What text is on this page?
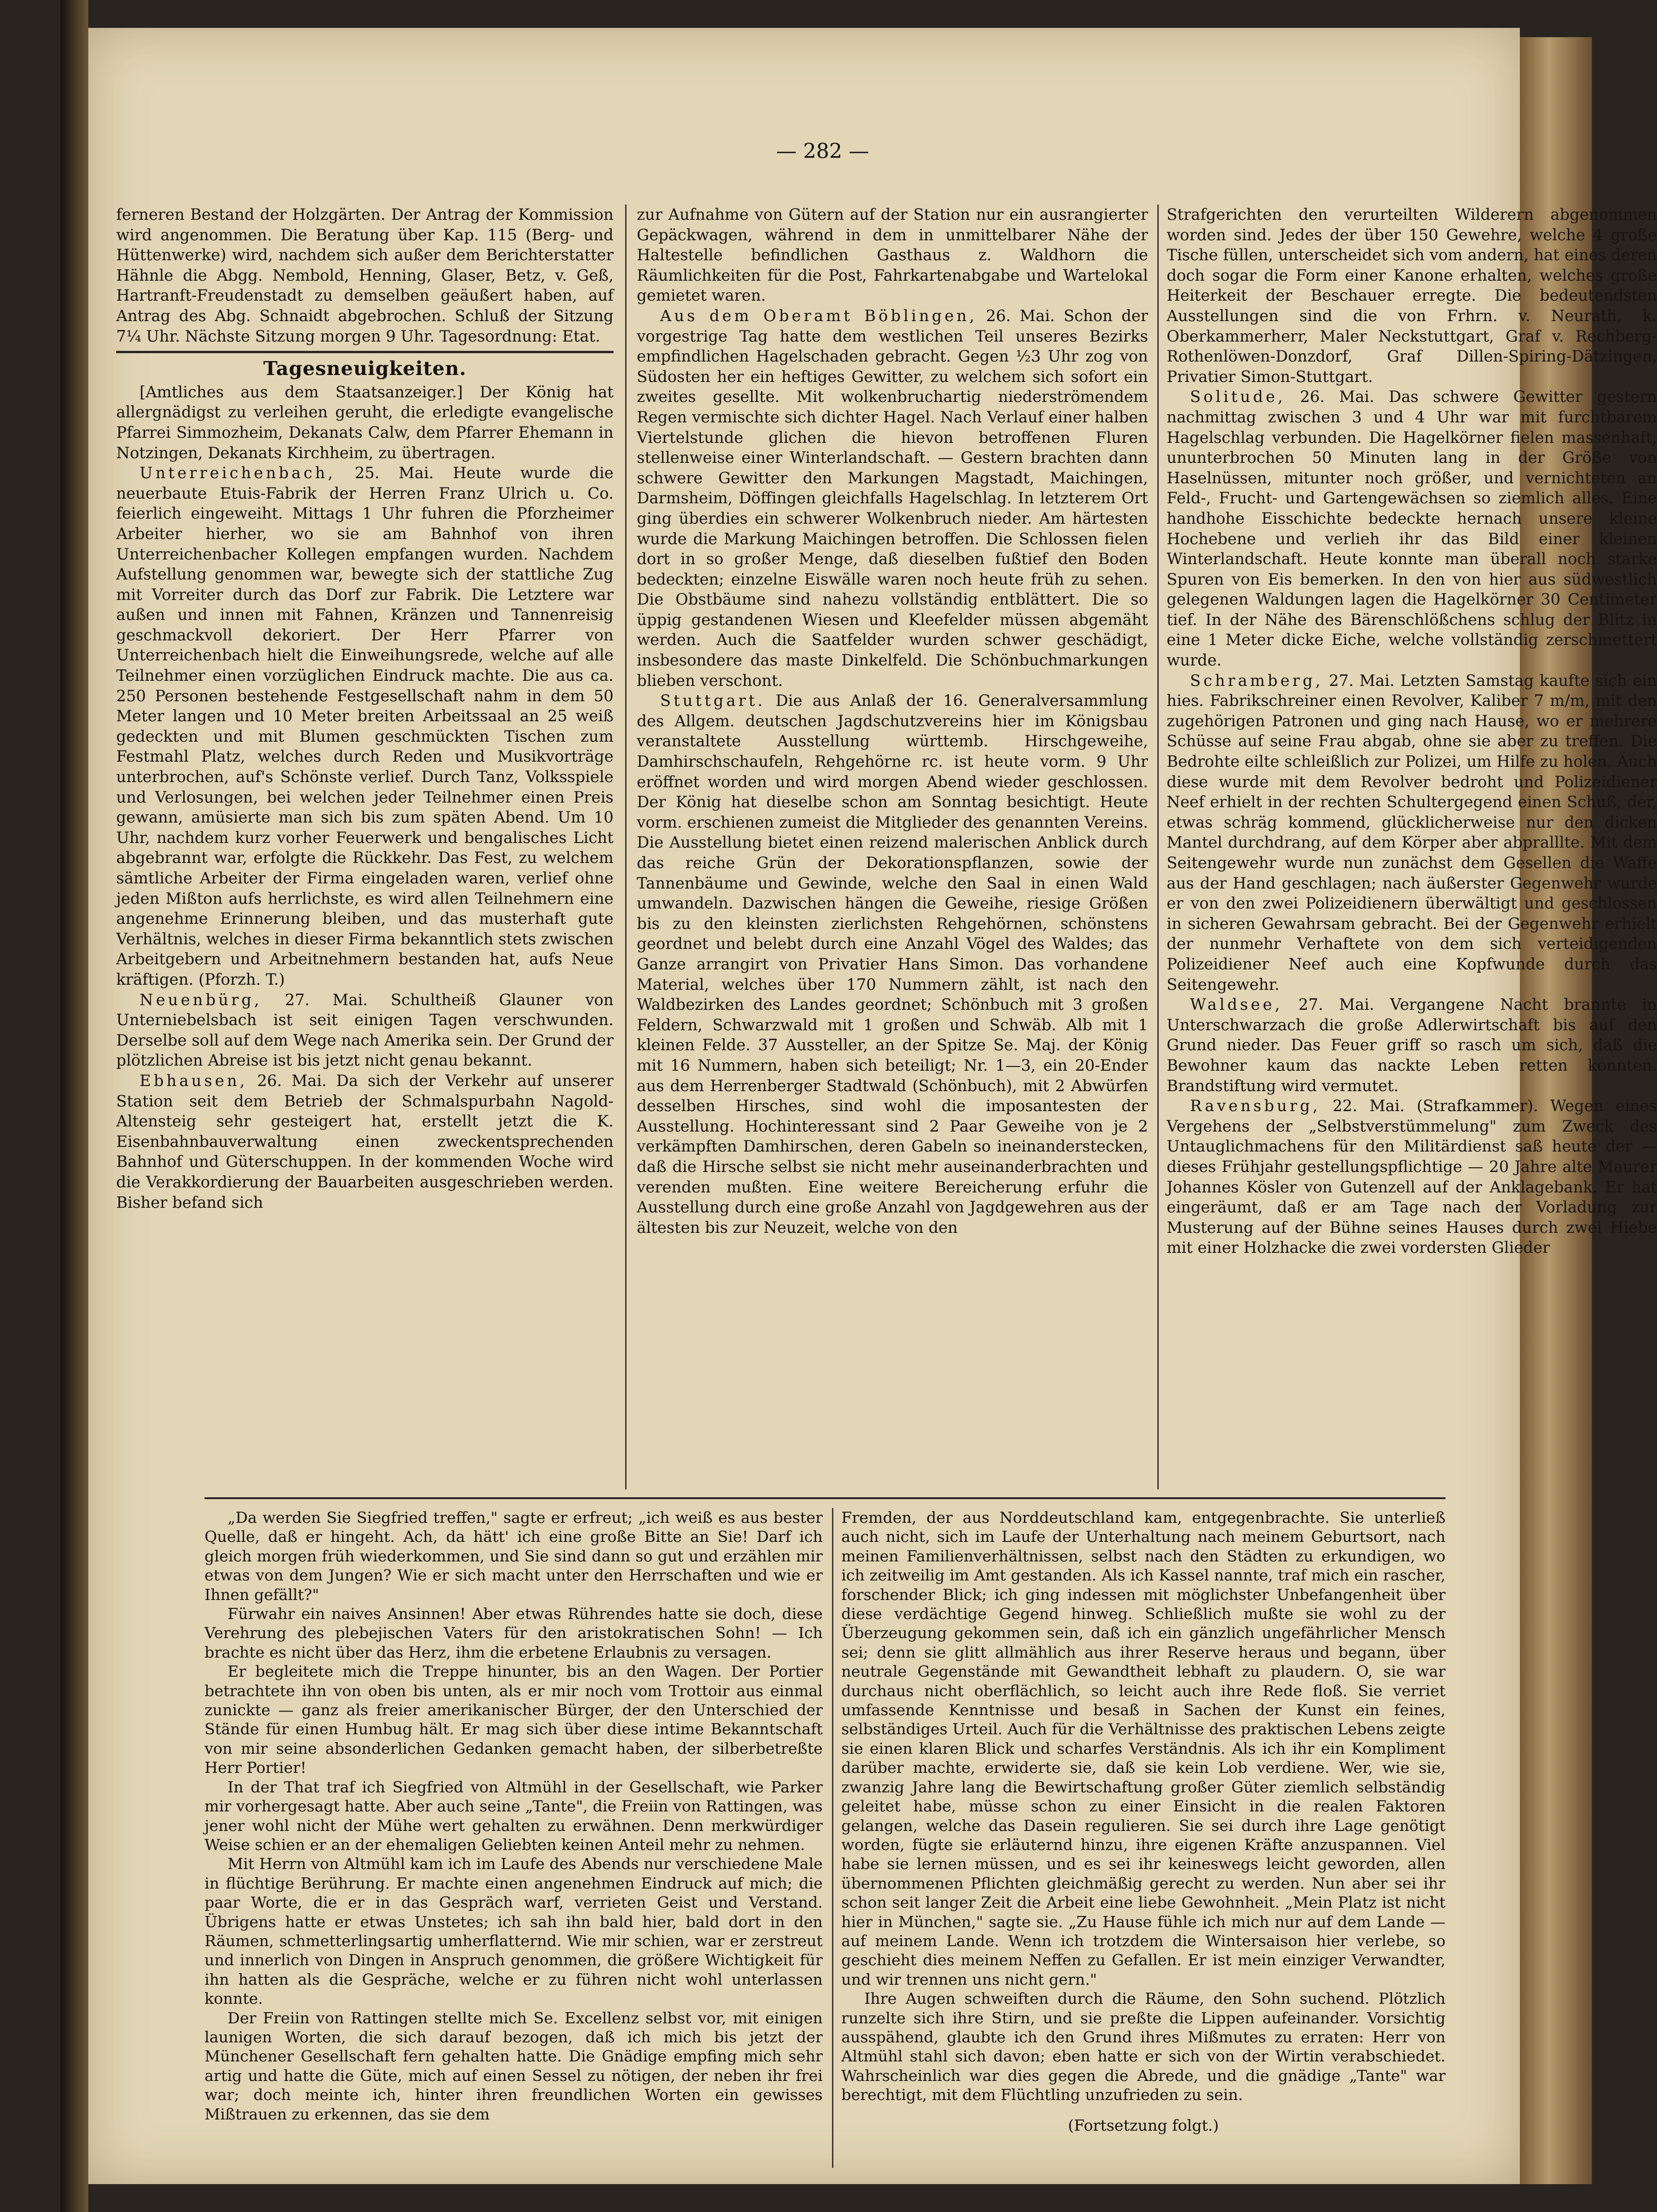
— 282 —

ferneren Bestand der Holzgärten. Der Antrag der Kommission wird angenommen. Die Beratung über Kap. 115 (Berg- und Hüttenwerke) wird, nachdem sich außer dem Berichterstatter Hähnle die Abgg. Nembold, Henning, Glaser, Betz, v. Geß, Hartranft-Freudenstadt zu demselben geäußert haben, auf Antrag des Abg. Schnaidt abgebrochen. Schluß der Sitzung 7¼ Uhr. Nächste Sitzung morgen 9 Uhr. Tagesordnung: Etat.

Tagesneuigkeiten.

[Amtliches aus dem Staatsanzeiger.] Der König hat allergnädigst zu verleihen geruht, die erledigte evangelische Pfarrei Simmozheim, Dekanats Calw, dem Pfarrer Ehemann in Notzingen, Dekanats Kirchheim, zu übertragen.

Unterreichenbach, 25. Mai. Heute wurde die neuerbaute Etuis-Fabrik der Herren Franz Ulrich u. Co. feierlich eingeweiht. Mittags 1 Uhr fuhren die Pforzheimer Arbeiter hierher, wo sie am Bahnhof von ihren Unterreichenbacher Kollegen empfangen wurden. Nachdem Aufstellung genommen war, bewegte sich der stattliche Zug mit Vorreiter durch das Dorf zur Fabrik. Die Letztere war außen und innen mit Fahnen, Kränzen und Tannenreisig geschmackvoll dekoriert. Der Herr Pfarrer von Unterreichenbach hielt die Einweihungsrede, welche auf alle Teilnehmer einen vorzüglichen Eindruck machte. Die aus ca. 250 Personen bestehende Festgesellschaft nahm in dem 50 Meter langen und 10 Meter breiten Arbeitssaal an 25 weiß gedeckten und mit Blumen geschmückten Tischen zum Festmahl Platz, welches durch Reden und Musikvorträge unterbrochen, auf's Schönste verlief. Durch Tanz, Volksspiele und Verlosungen, bei welchen jeder Teilnehmer einen Preis gewann, amüsierte man sich bis zum späten Abend. Um 10 Uhr, nachdem kurz vorher Feuerwerk und bengalisches Licht abgebrannt war, erfolgte die Rückkehr. Das Fest, zu welchem sämtliche Arbeiter der Firma eingeladen waren, verlief ohne jeden Mißton aufs herrlichste, es wird allen Teilnehmern eine angenehme Erinnerung bleiben, und das musterhaft gute Verhältnis, welches in dieser Firma bekanntlich stets zwischen Arbeitgebern und Arbeitnehmern bestanden hat, aufs Neue kräftigen. (Pforzh. T.)

Neuenbürg, 27. Mai. Schultheiß Glauner von Unterniebelsbach ist seit einigen Tagen verschwunden. Derselbe soll auf dem Wege nach Amerika sein. Der Grund der plötzlichen Abreise ist bis jetzt nicht genau bekannt.

Ebhausen, 26. Mai. Da sich der Verkehr auf unserer Station seit dem Betrieb der Schmalspurbahn Nagold-Altensteig sehr gesteigert hat, erstellt jetzt die K. Eisenbahnbauverwaltung einen zweckentsprechenden Bahnhof und Güterschuppen. In der kommenden Woche wird die Verakkordierung der Bauarbeiten ausgeschrieben werden. Bisher befand sich

zur Aufnahme von Gütern auf der Station nur ein ausrangierter Gepäckwagen, während in dem in unmittelbarer Nähe der Haltestelle befindlichen Gasthaus z. Waldhorn die Räumlichkeiten für die Post, Fahrkartenabgabe und Wartelokal gemietet waren.

Aus dem Oberamt Böblingen, 26. Mai. Schon der vorgestrige Tag hatte dem westlichen Teil unseres Bezirks empfindlichen Hagelschaden gebracht. Gegen ½3 Uhr zog von Südosten her ein heftiges Gewitter, zu welchem sich sofort ein zweites gesellte. Mit wolkenbruchartig niederströmendem Regen vermischte sich dichter Hagel. Nach Verlauf einer halben Viertelstunde glichen die hievon betroffenen Fluren stellenweise einer Winterlandschaft. — Gestern brachten dann schwere Gewitter den Markungen Magstadt, Maichingen, Darmsheim, Döffingen gleichfalls Hagelschlag. In letzterem Ort ging überdies ein schwerer Wolkenbruch nieder. Am härtesten wurde die Markung Maichingen betroffen. Die Schlossen fielen dort in so großer Menge, daß dieselben fußtief den Boden bedeckten; einzelne Eiswälle waren noch heute früh zu sehen. Die Obstbäume sind nahezu vollständig entblättert. Die so üppig gestandenen Wiesen und Kleefelder müssen abgemäht werden. Auch die Saatfelder wurden schwer geschädigt, insbesondere das maste Dinkelfeld. Die Schönbuchmarkungen blieben verschont.

Stuttgart. Die aus Anlaß der 16. Generalversammlung des Allgem. deutschen Jagdschutzvereins hier im Königsbau veranstaltete Ausstellung württemb. Hirschgeweihe, Damhirschschaufeln, Rehgehörne rc. ist heute vorm. 9 Uhr eröffnet worden und wird morgen Abend wieder geschlossen. Der König hat dieselbe schon am Sonntag besichtigt. Heute vorm. erschienen zumeist die Mitglieder des genannten Vereins. Die Ausstellung bietet einen reizend malerischen Anblick durch das reiche Grün der Dekorationspflanzen, sowie der Tannenbäume und Gewinde, welche den Saal in einen Wald umwandeln. Dazwischen hängen die Geweihe, riesige Größen bis zu den kleinsten zierlichsten Rehgehörnen, schönstens geordnet und belebt durch eine Anzahl Vögel des Waldes; das Ganze arrangirt von Privatier Hans Simon. Das vorhandene Material, welches über 170 Nummern zählt, ist nach den Waldbezirken des Landes geordnet; Schönbuch mit 3 großen Feldern, Schwarzwald mit 1 großen und Schwäb. Alb mit 1 kleinen Felde. 37 Aussteller, an der Spitze Se. Maj. der König mit 16 Nummern, haben sich beteiligt; Nr. 1—3, ein 20-Ender aus dem Herrenberger Stadtwald (Schönbuch), mit 2 Abwürfen desselben Hirsches, sind wohl die imposantesten der Ausstellung. Hochinteressant sind 2 Paar Geweihe von je 2 verkämpften Damhirschen, deren Gabeln so ineinanderstecken, daß die Hirsche selbst sie nicht mehr auseinanderbrachten und verenden mußten. Eine weitere Bereicherung erfuhr die Ausstellung durch eine große Anzahl von Jagdgewehren aus der ältesten bis zur Neuzeit, welche von den

Strafgerichten den verurteilten Wilderern abgenommen worden sind. Jedes der über 150 Gewehre, welche 4 große Tische füllen, unterscheidet sich vom andern, hat eines deren doch sogar die Form einer Kanone erhalten, welches große Heiterkeit der Beschauer erregte. Die bedeutendsten Ausstellungen sind die von Frhrn. v. Neurath, k. Oberkammerherr, Maler Neckstuttgart, Graf v. Rechberg-Rothenlöwen-Donzdorf, Graf Dillen-Spiring-Dätzingen, Privatier Simon-Stuttgart.

Solitude, 26. Mai. Das schwere Gewitter gestern nachmittag zwischen 3 und 4 Uhr war mit furchtbarem Hagelschlag verbunden. Die Hagelkörner fielen massenhaft, ununterbrochen 50 Minuten lang in der Größe von Haselnüssen, mitunter noch größer, und vernichteten an Feld-, Frucht- und Gartengewächsen so ziemlich alles. Eine handhohe Eisschichte bedeckte hernach unsere kleine Hochebene und verlieh ihr das Bild einer kleinen Winterlandschaft. Heute konnte man überall noch starke Spuren von Eis bemerken. In den von hier aus südwestlich gelegenen Waldungen lagen die Hagelkörner 30 Centimeter tief. In der Nähe des Bärenschlößchens schlug der Blitz in eine 1 Meter dicke Eiche, welche vollständig zerschmettert wurde.

Schramberg, 27. Mai. Letzten Samstag kaufte sich ein hies. Fabrikschreiner einen Revolver, Kaliber 7 m/m, mit den zugehörigen Patronen und ging nach Hause, wo er mehrere Schüsse auf seine Frau abgab, ohne sie aber zu treffen. Die Bedrohte eilte schleißlich zur Polizei, um Hilfe zu holen. Auch diese wurde mit dem Revolver bedroht und Polizeidiener Neef erhielt in der rechten Schultergegend einen Schuß, der, etwas schräg kommend, glücklicherweise nur den dicken Mantel durchdrang, auf dem Körper aber abpralllte. Mit dem Seitengewehr wurde nun zunächst dem Gesellen die Waffe aus der Hand geschlagen; nach äußerster Gegenwehr wurde er von den zwei Polizeidienern überwältigt und geschlossen in sicheren Gewahrsam gebracht. Bei der Gegenwehr erhielt der nunmehr Verhaftete von dem sich verteidigenden Polizeidiener Neef auch eine Kopfwunde durch das Seitengewehr.

Waldsee, 27. Mai. Vergangene Nacht brannte in Unterschwarzach die große Adlerwirtschaft bis auf den Grund nieder. Das Feuer griff so rasch um sich, daß die Bewohner kaum das nackte Leben retten konnten. Brandstiftung wird vermutet.

Ravensburg, 22. Mai. (Strafkammer). Wegen eines Vergehens der „Selbstverstümmelung" zum Zweck des Untauglichmachens für den Militärdienst saß heute der — dieses Frühjahr gestellungspflichtige — 20 Jahre alte Maurer Johannes Kösler von Gutenzell auf der Anklagebank. Er hat eingeräumt, daß er am Tage nach der Vorladung zur Musterung auf der Bühne seines Hauses durch zwei Hiebe mit einer Holzhacke die zwei vordersten Glieder

„Da werden Sie Siegfried treffen," sagte er erfreut; „ich weiß es aus bester Quelle, daß er hingeht. Ach, da hätt' ich eine große Bitte an Sie! Darf ich gleich morgen früh wiederkommen, und Sie sind dann so gut und erzählen mir etwas von dem Jungen? Wie er sich macht unter den Herrschaften und wie er Ihnen gefällt?"

Fürwahr ein naives Ansinnen! Aber etwas Rührendes hatte sie doch, diese Verehrung des plebejischen Vaters für den aristokratischen Sohn! — Ich brachte es nicht über das Herz, ihm die erbetene Erlaubnis zu versagen.

Er begleitete mich die Treppe hinunter, bis an den Wagen. Der Portier betrachtete ihn von oben bis unten, als er mir noch vom Trottoir aus einmal zunickte — ganz als freier amerikanischer Bürger, der den Unterschied der Stände für einen Humbug hält. Er mag sich über diese intime Bekanntschaft von mir seine absonderlichen Gedanken gemacht haben, der silberbetreßte Herr Portier!

In der That traf ich Siegfried von Altmühl in der Gesellschaft, wie Parker mir vorhergesagt hatte. Aber auch seine „Tante", die Freiin von Rattingen, was jener wohl nicht der Mühe wert gehalten zu erwähnen. Denn merkwürdiger Weise schien er an der ehemaligen Geliebten keinen Anteil mehr zu nehmen.

Mit Herrn von Altmühl kam ich im Laufe des Abends nur verschiedene Male in flüchtige Berührung. Er machte einen angenehmen Eindruck auf mich; die paar Worte, die er in das Gespräch warf, verrieten Geist und Verstand. Übrigens hatte er etwas Unstetes; ich sah ihn bald hier, bald dort in den Räumen, schmetterlingsartig umherflatternd. Wie mir schien, war er zerstreut und innerlich von Dingen in Anspruch genommen, die größere Wichtigkeit für ihn hatten als die Gespräche, welche er zu führen nicht wohl unterlassen konnte.

Der Freiin von Rattingen stellte mich Se. Excellenz selbst vor, mit einigen launigen Worten, die sich darauf bezogen, daß ich mich bis jetzt der Münchener Gesellschaft fern gehalten hatte. Die Gnädige empfing mich sehr artig und hatte die Güte, mich auf einen Sessel zu nötigen, der neben ihr frei war; doch meinte ich, hinter ihren freundlichen Worten ein gewisses Mißtrauen zu erkennen, das sie dem

Fremden, der aus Norddeutschland kam, entgegenbrachte. Sie unterließ auch nicht, sich im Laufe der Unterhaltung nach meinem Geburtsort, nach meinen Familienverhältnissen, selbst nach den Städten zu erkundigen, wo ich zeitweilig im Amt gestanden. Als ich Kassel nannte, traf mich ein rascher, forschender Blick; ich ging indessen mit möglichster Unbefangenheit über diese verdächtige Gegend hinweg. Schließlich mußte sie wohl zu der Überzeugung gekommen sein, daß ich ein gänzlich ungefährlicher Mensch sei; denn sie glitt allmählich aus ihrer Reserve heraus und begann, über neutrale Gegenstände mit Gewandtheit lebhaft zu plaudern. O, sie war durchaus nicht oberflächlich, so leicht auch ihre Rede floß. Sie verriet umfassende Kenntnisse und besaß in Sachen der Kunst ein feines, selbständiges Urteil. Auch für die Verhältnisse des praktischen Lebens zeigte sie einen klaren Blick und scharfes Verständnis. Als ich ihr ein Kompliment darüber machte, erwiderte sie, daß sie kein Lob verdiene. Wer, wie sie, zwanzig Jahre lang die Bewirtschaftung großer Güter ziemlich selbständig geleitet habe, müsse schon zu einer Einsicht in die realen Faktoren gelangen, welche das Dasein regulieren. Sie sei durch ihre Lage genötigt worden, fügte sie erläuternd hinzu, ihre eigenen Kräfte anzuspannen. Viel habe sie lernen müssen, und es sei ihr keineswegs leicht geworden, allen übernommenen Pflichten gleichmäßig gerecht zu werden. Nun aber sei ihr schon seit langer Zeit die Arbeit eine liebe Gewohnheit. „Mein Platz ist nicht hier in München," sagte sie. „Zu Hause fühle ich mich nur auf dem Lande — auf meinem Lande. Wenn ich trotzdem die Wintersaison hier verlebe, so geschieht dies meinem Neffen zu Gefallen. Er ist mein einziger Verwandter, und wir trennen uns nicht gern."

Ihre Augen schweiften durch die Räume, den Sohn suchend. Plötzlich runzelte sich ihre Stirn, und sie preßte die Lippen aufeinander. Vorsichtig ausspähend, glaubte ich den Grund ihres Mißmutes zu erraten: Herr von Altmühl stahl sich davon; eben hatte er sich von der Wirtin verabschiedet. Wahrscheinlich war dies gegen die Abrede, und die gnädige „Tante" war berechtigt, mit dem Flüchtling unzufrieden zu sein.

(Fortsetzung folgt.)
